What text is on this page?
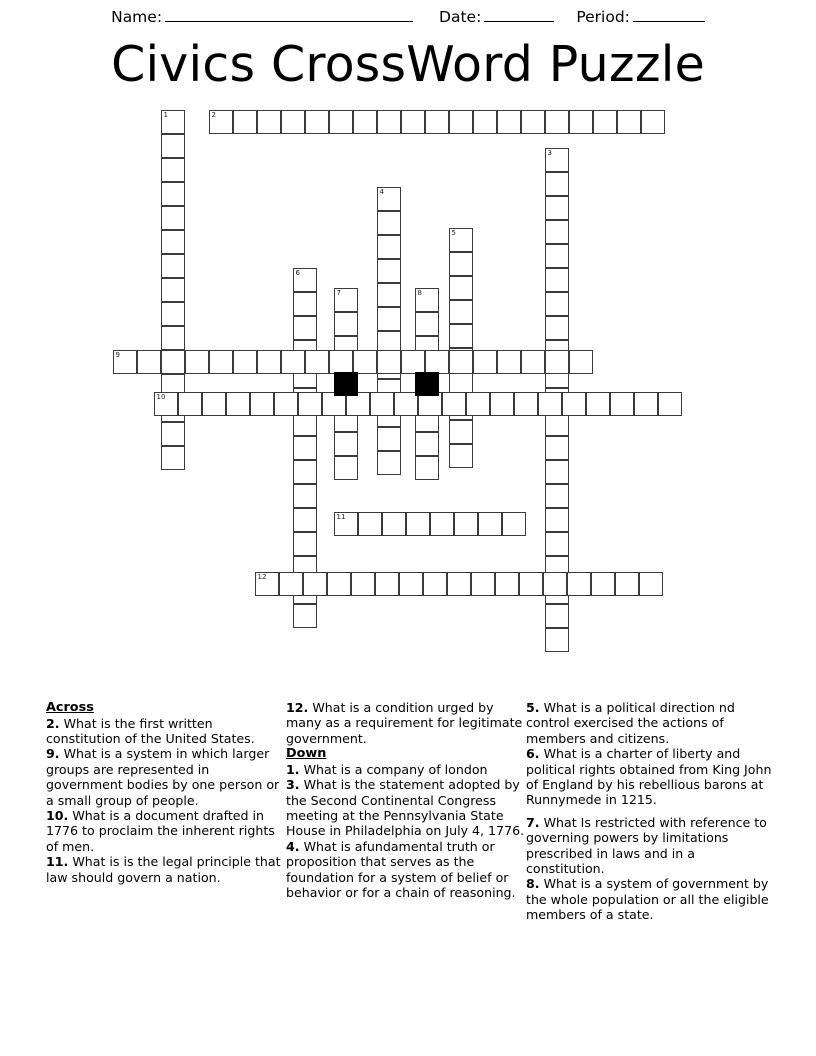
Name:	Date:	Period:
Civics CrossWord Puzzle
1	2
3
4
5
6
7	8
9
10
11
12
Across

2. What is the first written constitution of the United States.

9. What is a system in which larger groups are represented in government bodies by one person or a small group of people.

10. What is a document drafted in 1776 to proclaim the inherent rights of men.

11. What is is the legal principle that law should govern a nation.

12. What is a condition urged by many as a requirement for legitimate government.

Down

1. What is a company of london

3. What is the statement adopted by the Second Continental Congress meeting at the Pennsylvania State House in Philadelphia on July 4, 1776.

4. What is afundamental truth or proposition that serves as the foundation for a system of belief or behavior or for a chain of reasoning.

5. What is a political direction nd control exercised the actions of members and citizens.

6. What is a charter of liberty and political rights obtained from King John of England by his rebellious barons at Runnymede in 1215.

7. What Is restricted with reference to governing powers by limitations prescribed in laws and in a constitution.

8. What is a system of government by the whole population or all the eligible members of a state.
